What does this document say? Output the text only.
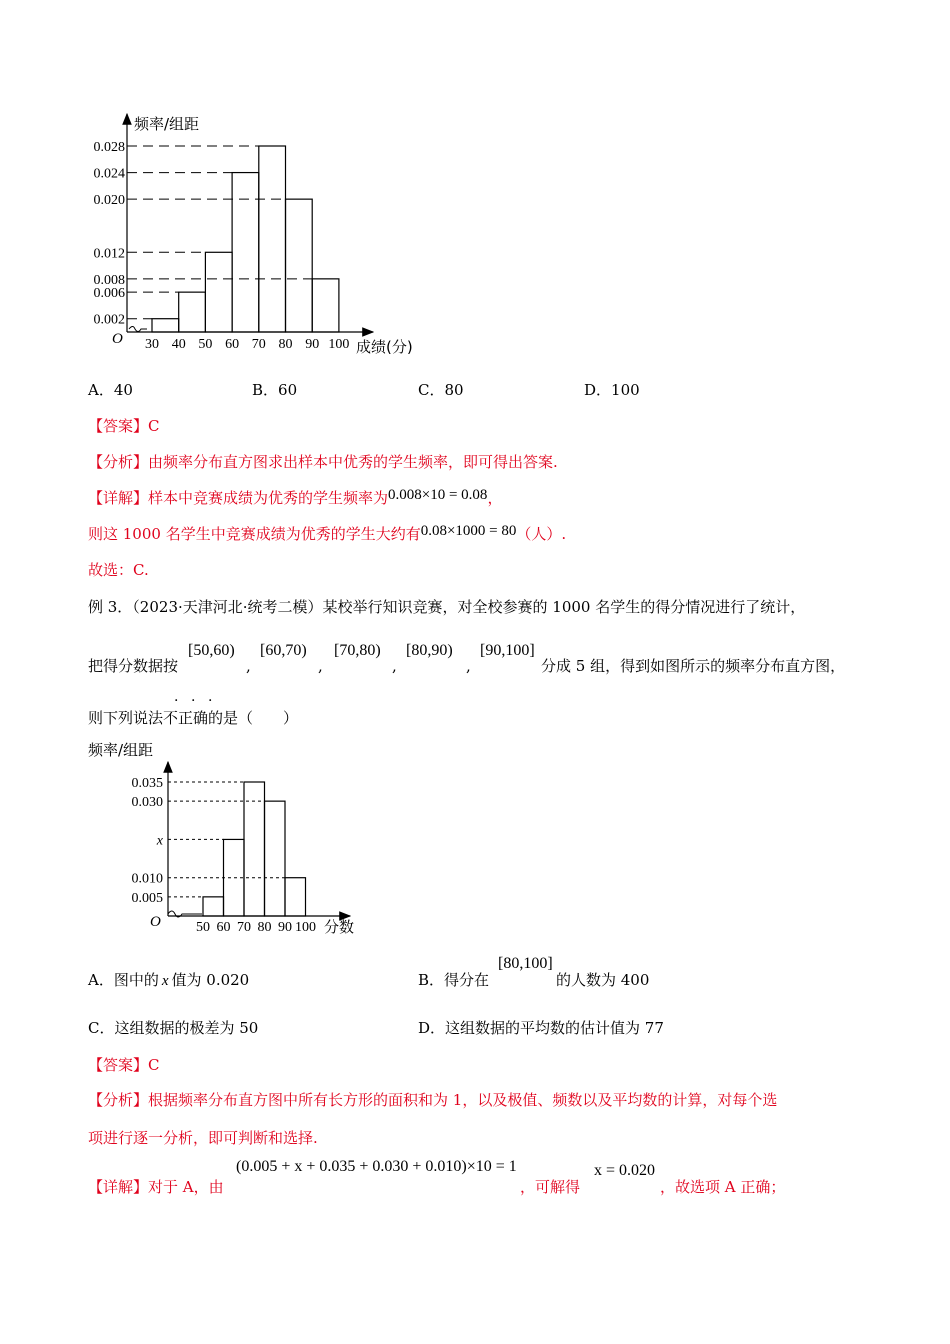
频率/组距
成绩(分)
O
0.028
0.024
0.020
0.012
0.008
0.006
0.002
30 40 50 60 70 80 90 100
A．40	B．60	C．80	D．100
【答案】C
【分析】由频率分布直方图求出样本中优秀的学生频率，即可得出答案.
【详解】样本中竞赛成绩为优秀的学生频率为0.008×10 = 0.08，
则这 1000 名学生中竞赛成绩为优秀的学生大约有0.08×1000 = 80（人）.
故选：C.
例 3．（2023·天津河北·统考二模）某校举行知识竞赛，对全校参赛的 1000 名学生的得分情况进行了统计，
把得分数据按
[50,60)
,
[60,70)
,
[70,80)
,
[80,90)
,
[90,100]
分成 5 组，得到如图所示的频率分布直方图，
· · ·
则下列说法不正确的是（　　）
频率/组距
分数
O
0.035
0.030
x
0.010
0.005
50 60 70 80 90 100
A．图中的 x 值为 0.020	B．得分在
[80,100]
的人数为 400
C．这组数据的极差为 50	D．这组数据的平均数的估计值为 77
【答案】C
【分析】根据频率分布直方图中所有长方形的面积和为 1，以及极值、频数以及平均数的计算，对每个选
项进行逐一分析，即可判断和选择.
【详解】对于 A，由
(0.005 + x + 0.035 + 0.030 + 0.010)×10 = 1
，可解得
x = 0.020
，故选项 A 正确；
